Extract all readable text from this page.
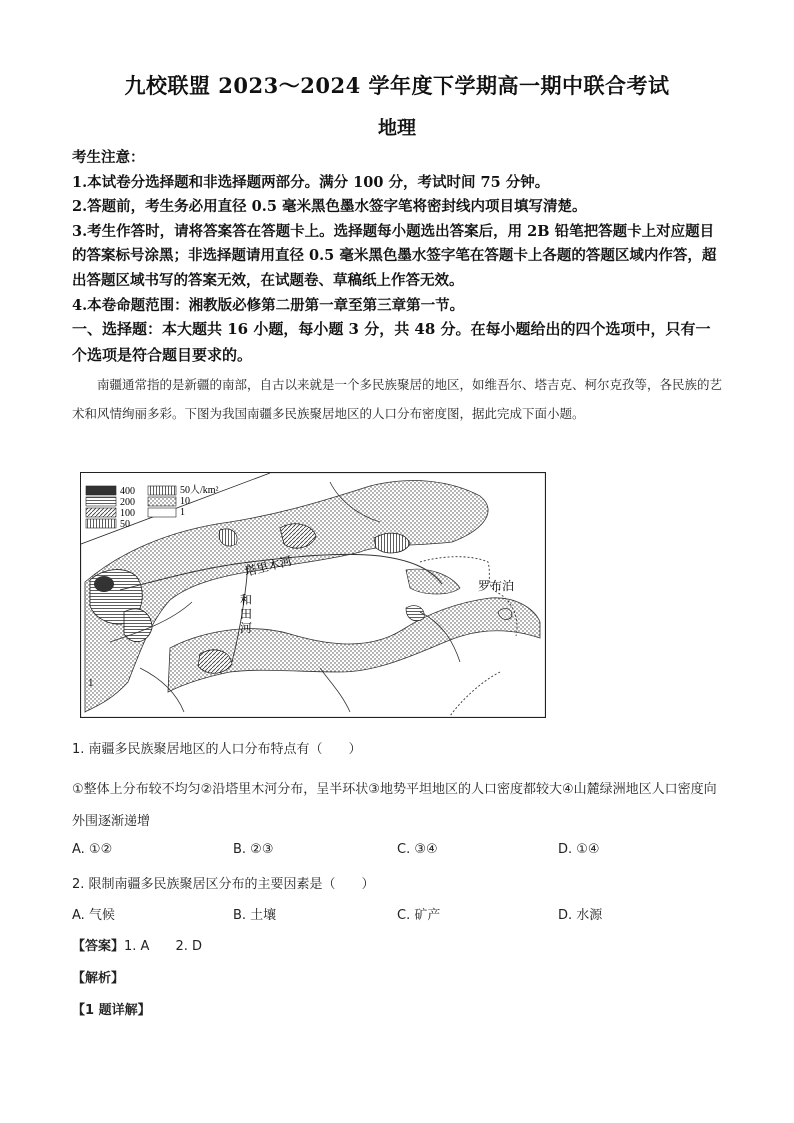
九校联盟 2023～2024 学年度下学期高一期中联合考试
地理

考生注意：

1.本试卷分选择题和非选择题两部分。满分 100 分，考试时间 75 分钟。

2.答题前，考生务必用直径 0.5 毫米黑色墨水签字笔将密封线内项目填写清楚。

3.考生作答时，请将答案答在答题卡上。选择题每小题选出答案后，用 2B 铅笔把答题卡上对应题目的答案标号涂黑；非选择题请用直径 0.5 毫米黑色墨水签字笔在答题卡上各题的答题区域内作答，超出答题区域书写的答案无效，在试题卷、草稿纸上作答无效。

4.本卷命题范围：湘教版必修第二册第一章至第三章第一节。

一、选择题：本大题共 16 小题，每小题 3 分，共 48 分。在每小题给出的四个选项中，只有一个选项是符合题目要求的。

南疆通常指的是新疆的南部，自古以来就是一个多民族聚居的地区，如维吾尔、塔吉克、柯尔克孜等，各民族的艺术和风情绚丽多彩。下图为我国南疆多民族聚居地区的人口分布密度图，据此完成下面小题。

400
200
100
50
50人/km²
10
1
塔里木河
罗布泊
1
和
田
河
1. 南疆多民族聚居地区的人口分布特点有（　　）
①整体上分布较不均匀②沿塔里木河分布，呈半环状③地势平坦地区的人口密度都较大④山麓绿洲地区人口密度向外围逐渐递增
A. ①②	B. ②③	C. ③④	D. ①④
2. 限制南疆多民族聚居区分布的主要因素是（　　）
A. 气候	B. 土壤	C. 矿产	D. 水源
【答案】1. A　　2. D
【解析】
【1 题详解】
